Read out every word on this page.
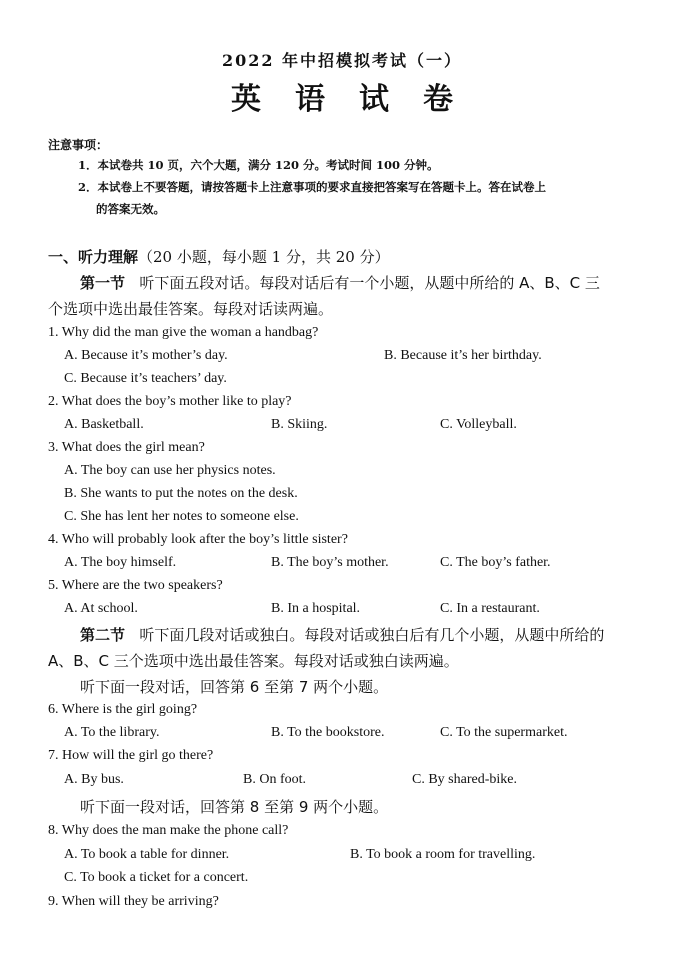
2022 年中招模拟考试（一）
英语试卷
注意事项：
1．本试卷共 10 页，六个大题，满分 120 分。考试时间 100 分钟。
2．本试卷上不要答题，请按答题卡上注意事项的要求直接把答案写在答题卡上。答在试卷上
的答案无效。
一、听力理解（20 小题，每小题 1 分，共 20 分）
第一节 听下面五段对话。每段对话后有一个小题，从题中所给的 A、B、C 三
个选项中选出最佳答案。每段对话读两遍。
1. Why did the man give the woman a handbag?
A. Because it’s mother’s day.	B. Because it’s her birthday.
C. Because it’s teachers’ day.
2. What does the boy’s mother like to play?
A. Basketball.	B. Skiing.	C. Volleyball.
3. What does the girl mean?
A. The boy can use her physics notes.
B. She wants to put the notes on the desk.
C. She has lent her notes to someone else.
4. Who will probably look after the boy’s little sister?
A. The boy himself.	B. The boy’s mother.	C. The boy’s father.
5. Where are the two speakers?
A. At school.	B. In a hospital.	C. In a restaurant.
第二节 听下面几段对话或独白。每段对话或独白后有几个小题，从题中所给的
A、B、C 三个选项中选出最佳答案。每段对话或独白读两遍。
听下面一段对话，回答第 6 至第 7 两个小题。
6. Where is the girl going?
A. To the library.	B. To the bookstore.	C. To the supermarket.
7. How will the girl go there?
A. By bus.	B. On foot.	C. By shared-bike.
听下面一段对话，回答第 8 至第 9 两个小题。
8. Why does the man make the phone call?
A. To book a table for dinner.	B. To book a room for travelling.
C. To book a ticket for a concert.
9. When will they be arriving?
